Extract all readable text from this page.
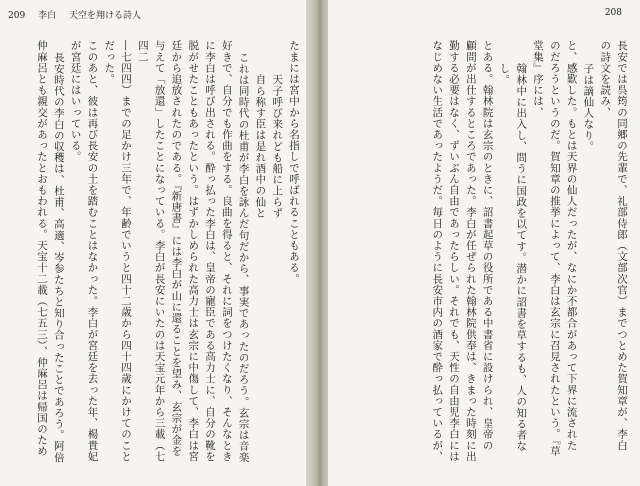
209 李白 天空を翔ける詩人

たまには宮中から名指しで呼ばれることもある。

天子呼び来れども船に上らず

自ら称す臣は是れ酒中の仙と

これは同時代の杜甫が李白を詠んだ句だから、事実であったのだろう。玄宗は音楽

好きで、自分でも作曲をする。良曲を得ると、それに詞をつけたくなり、そんなとき

に李白は呼び出される。酔っ払った李白は、皇帝の寵臣である高力士に、自分の靴を

脱がせたこともあったという。はずかしめられた高力士は玄宗に中傷して、李白は宮

廷から追放されたのである。『新唐書』には李白が山に還ることを望み、玄宗が金を

与えて「放還」したことになっている。李白が長安にいたのは天宝元年から三載（七四二

―七四四）までの足かけ三年で、年齢でいうと四十二歳から四十四歳にかけてのことだった。

このあと、彼は再び長安の土を踏むことはなかった。李白が宮廷を去った年、楊貴妃

が宮廷にはいっている。

長安時代の李白の収穫は、杜甫、高適、岑参たちと知り合ったことであろう。阿倍

仲麻呂とも親交があったとおもわれる。天宝十二載（七五三）、仲麻呂は帰国のため

208

長安では呉筠の同郷の先輩で、礼部侍郎（文部次官）までつとめた賀知章が、李白

の詩文を読み、

子は謫仙人なり。

と、感歎した。もとは天界の仙人だったが、なにか不都合があって下界に流された

のだろうというのだ。賀知章の推挙によって、李白は玄宗に召見されたという。『草

堂集』序には、

翰林中に出入し、問うに国政を以てす。潜かに詔書を草するも、人の知る者な

し。

とある。翰林院は玄宗のときに、詔書起草の役所である中書省に設けられ、皇帝の

顧問が出仕するところであった。李白が任ぜられた翰林院供奉は、きまった時刻に出

勤する必要はなく、ずいぶん自由であったらしい。それでも、天性の自由児李白には

なじめない生活であったようだ。毎日のように長安市内の酒家で酔っ払っているが、
